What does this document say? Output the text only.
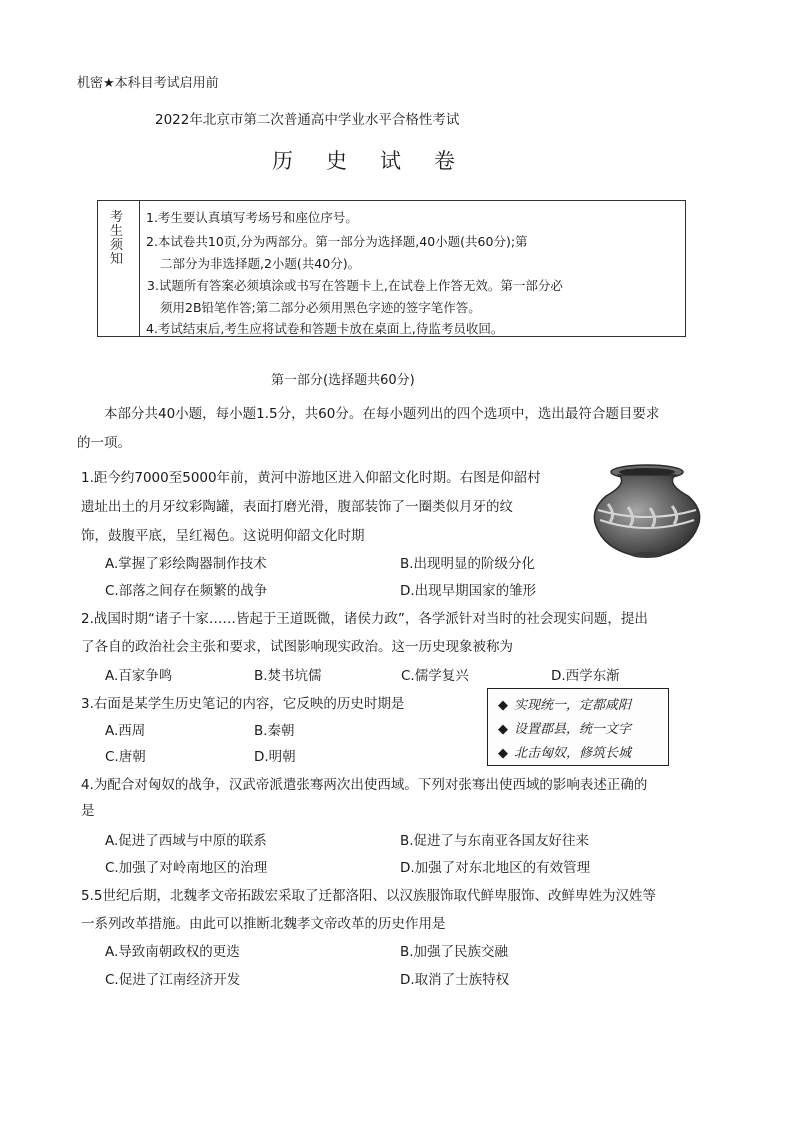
机密★本科目考试启用前
2022年北京市第二次普通高中学业水平合格性考试
历史试卷
考
生
须
知
1.考生要认真填写考场号和座位序号。
2.本试卷共10页,分为两部分。第一部分为选择题,40小题(共60分);第
二部分为非选择题,2小题(共40分)。
3.试题所有答案必须填涂或书写在答题卡上,在试卷上作答无效。第一部分必
须用2B铅笔作答;第二部分必须用黑色字迹的签字笔作答。
4.考试结束后,考生应将试卷和答题卡放在桌面上,待监考员收回。
第一部分(选择题共60分)
本部分共40小题，每小题1.5分，共60分。在每小题列出的四个选项中，选出最符合题目要求
的一项。
1.距今约7000至5000年前，黄河中游地区进入仰韶文化时期。右图是仰韶村
遗址出土的月牙纹彩陶罐，表面打磨光滑，腹部装饰了一圈类似月牙的纹
饰，鼓腹平底，呈红褐色。这说明仰韶文化时期
A.掌握了彩绘陶器制作技术	B.出现明显的阶级分化
C.部落之间存在频繁的战争	D.出现早期国家的雏形
2.战国时期“诸子十家……皆起于王道既微，诸侯力政”，各学派针对当时的社会现实问题，提出
了各自的政治社会主张和要求，试图影响现实政治。这一历史现象被称为
A.百家争鸣	B.焚书坑儒	C.儒学复兴	D.西学东渐
3.右面是某学生历史笔记的内容，它反映的历史时期是
A.西周	B.秦朝
C.唐朝	D.明朝
◆ 实现统一，定都咸阳
◆ 设置郡县，统一文字
◆ 北击匈奴，修筑长城
4.为配合对匈奴的战争，汉武帝派遣张骞两次出使西域。下列对张骞出使西域的影响表述正确的
是
A.促进了西域与中原的联系	B.促进了与东南亚各国友好往来
C.加强了对岭南地区的治理	D.加强了对东北地区的有效管理
5.5世纪后期，北魏孝文帝拓跋宏采取了迁都洛阳、以汉族服饰取代鲜卑服饰、改鲜卑姓为汉姓等
一系列改革措施。由此可以推断北魏孝文帝改革的历史作用是
A.导致南朝政权的更迭	B.加强了民族交融
C.促进了江南经济开发	D.取消了士族特权
